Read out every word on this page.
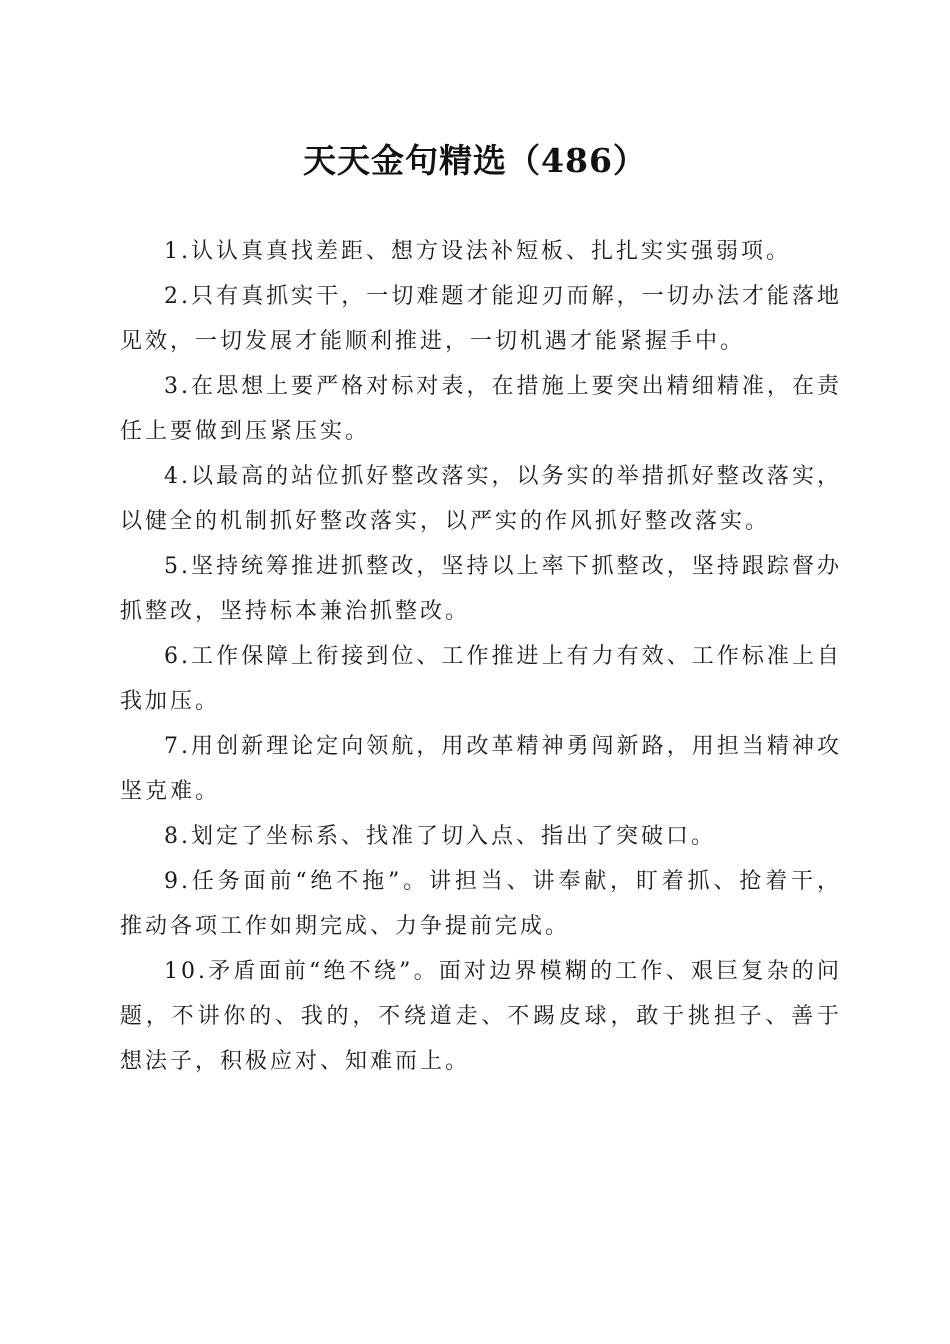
天天金句精选（486）

1.认认真真找差距、想方设法补短板、扎扎实实强弱项。

2.只有真抓实干，一切难题才能迎刃而解，一切办法才能落地见效，一切发展才能顺利推进，一切机遇才能紧握手中。

3.在思想上要严格对标对表，在措施上要突出精细精准，在责任上要做到压紧压实。

4.以最高的站位抓好整改落实，以务实的举措抓好整改落实，以健全的机制抓好整改落实，以严实的作风抓好整改落实。

5.坚持统筹推进抓整改，坚持以上率下抓整改，坚持跟踪督办抓整改，坚持标本兼治抓整改。

6.工作保障上衔接到位、工作推进上有力有效、工作标准上自我加压。

7.用创新理论定向领航，用改革精神勇闯新路，用担当精神攻坚克难。

8.划定了坐标系、找准了切入点、指出了突破口。

9.任务面前“绝不拖”。讲担当、讲奉献，盯着抓、抢着干，推动各项工作如期完成、力争提前完成。

10.矛盾面前“绝不绕”。面对边界模糊的工作、艰巨复杂的问题，不讲你的、我的，不绕道走、不踢皮球，敢于挑担子、善于想法子，积极应对、知难而上。
